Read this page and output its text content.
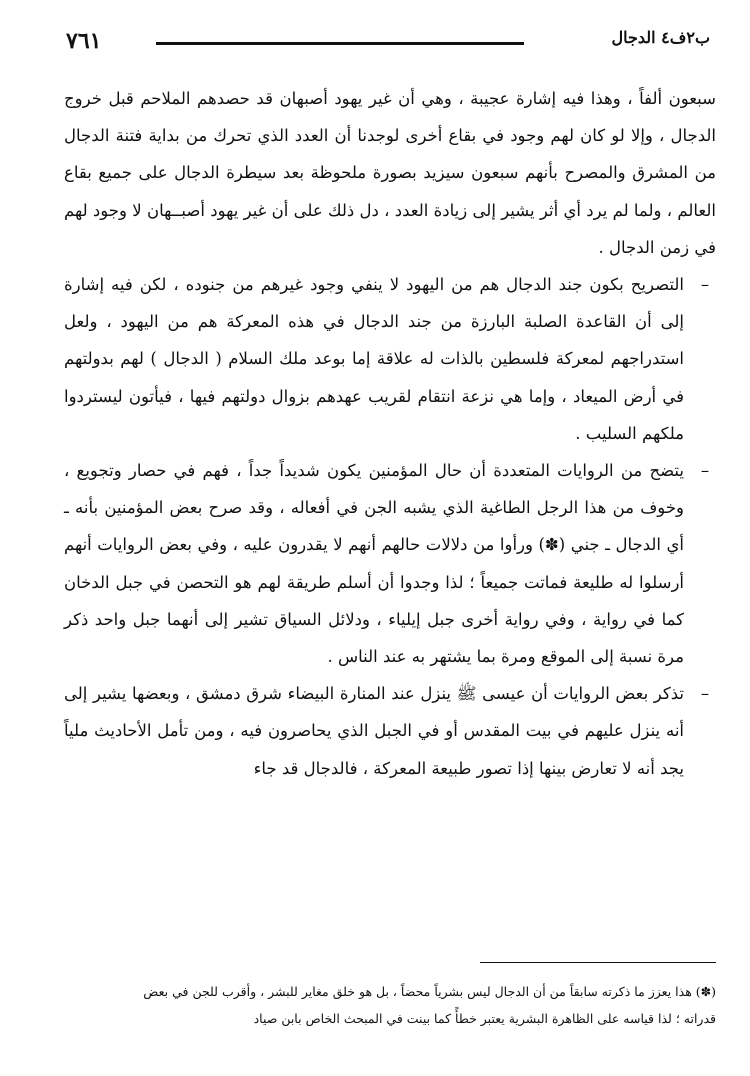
٧٦١	ب٢ف٤ الدجال

سبعون ألفاً ، وهذا فيه إشارة عجيبة ، وهي أن غير يهود أصبهان قد حصدهم الملاحم قبل خروج الدجال ، وإلا لو كان لهم وجود في بقاع أخرى لوجدنا أن العدد الذي تحرك من بداية فتنة الدجال من المشرق والمصرح بأنهم سبعون سيزيد بصورة ملحوظة بعد سيطرة الدجال على جميع بقاع العالم ، ولما لم يرد أي أثر يشير إلى زيادة العدد ، دل ذلك على أن غير يهود أصبــهان لا وجود لهم في زمن الدجال .

–
التصريح بكون جند الدجال هم من اليهود لا ينفي وجود غيرهم من جنوده ، لكن فيه إشارة إلى أن القاعدة الصلبة البارزة من جند الدجال في هذه المعركة هم من اليهود ، ولعل استدراجهم لمعركة فلسطين بالذات له علاقة إما بوعد ملك السلام ( الدجال ) لهم بدولتهم في أرض الميعاد ، وإما هي نزعة انتقام لقريب عهدهم بزوال دولتهم فيها ، فيأتون ليستردوا ملكهم السليب .

–
يتضح من الروايات المتعددة أن حال المؤمنين يكون شديداً جداً ، فهم في حصار وتجويع ، وخوف من هذا الرجل الطاغية الذي يشبه الجن في أفعاله ، وقد صرح بعض المؤمنين بأنه ـ أي الدجال ـ جني (✽) ورأوا من دلالات حالهم أنهم لا يقدرون عليه ، وفي بعض الروايات أنهم أرسلوا له طليعة فماتت جميعاً ؛ لذا وجدوا أن أسلم طريقة لهم هو التحصن في جبل الدخان كما في رواية ، وفي رواية أخرى جبل إيلياء ، ودلائل السياق تشير إلى أنهما جبل واحد ذكر مرة نسبة إلى الموقع ومرة بما يشتهر به عند الناس .

–
تذكر بعض الروايات أن عيسى ﷺ ينزل عند المنارة البيضاء شرق دمشق ، وبعضها يشير إلى أنه ينزل عليهم في بيت المقدس أو في الجبل الذي يحاصرون فيه ، ومن تأمل الأحاديث ملياً يجد أنه لا تعارض بينها إذا تصور طبيعة المعركة ، فالدجال قد جاء

(✽) هذا يعزز ما ذكرته سابقاً من أن الدجال ليس بشرياً محضاً ، بل هو خلق مغاير للبشر ، وأقرب للجن في بعض

قدراته ؛ لذا قياسه على الظاهرة البشرية يعتبر خطأً كما بينت في المبحث الخاص بابن صياد
